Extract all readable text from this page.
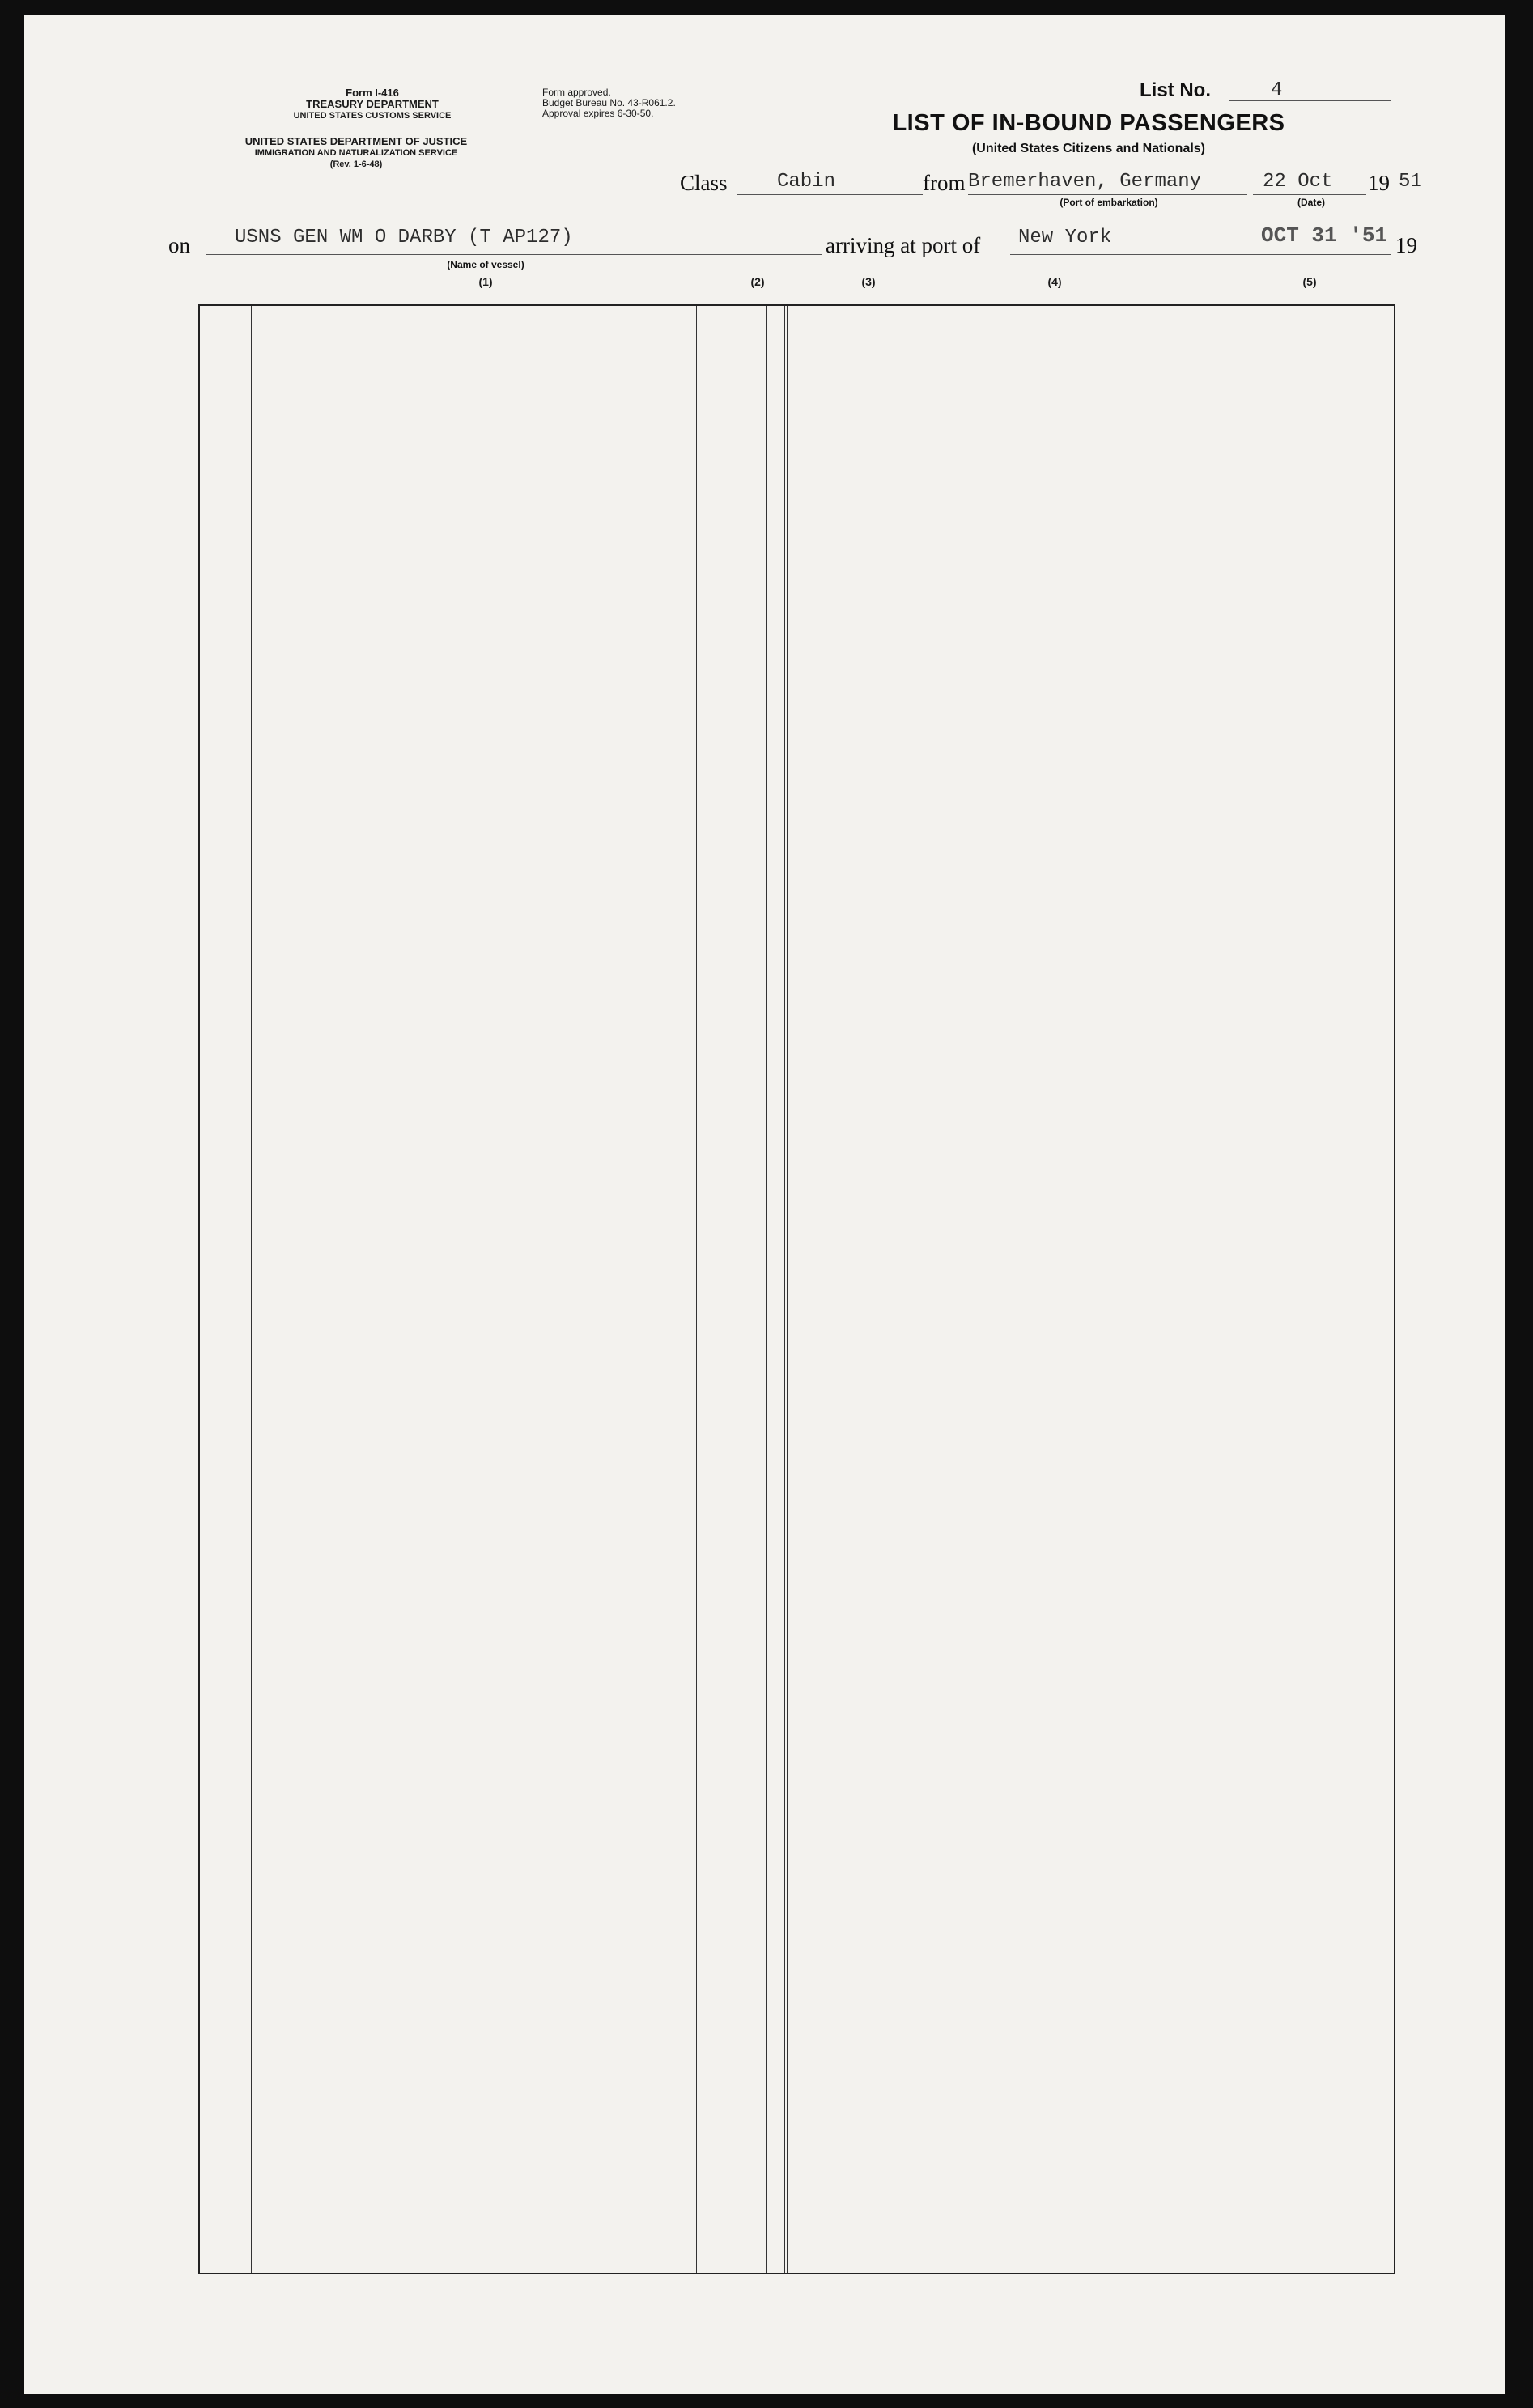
Form I-416
TREASURY DEPARTMENT
UNITED STATES CUSTOMS SERVICE
UNITED STATES DEPARTMENT OF JUSTICE
IMMIGRATION AND NATURALIZATION SERVICE
(Rev. 1-6-48)
Form approved.
Budget Bureau No. 43-R061.2.
Approval expires 6-30-50.
List No.	4
LIST OF IN-BOUND PASSENGERS
(United States Citizens and Nationals)
Class	Cabin	from Bremerhaven, Germany	22 Oct 19 51
(Port of embarkation)	(Date)
on USNS GEN WM O DARBY (T AP127)
(Name of vessel)
arriving at port of New York	OCT 31 '51 19
(1)	(2)	(3)	(4)	(5)
